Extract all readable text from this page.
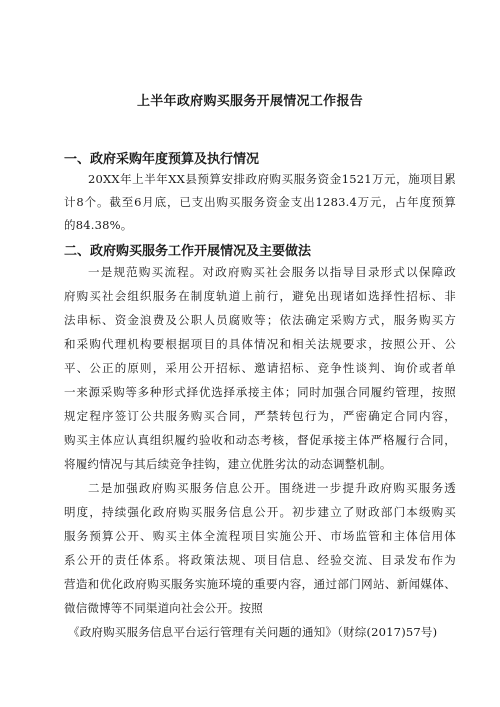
上半年政府购买服务开展情况工作报告
一、政府采购年度预算及执行情况
20XX年上半年XX县预算安排政府购买服务资金1521万元，施项目累
计8个。截至6月底，已支出购买服务资金支出1283.4万元，占年度预算
的84.38%。
二、政府购买服务工作开展情况及主要做法
一是规范购买流程。对政府购买社会服务以指导目录形式以保障政
府购买社会组织服务在制度轨道上前行，避免出现诸如选择性招标、非
法串标、资金浪费及公职人员腐败等；依法确定采购方式，服务购买方
和采购代理机构要根据项目的具体情况和相关法规要求，按照公开、公
平、公正的原则，采用公开招标、邀请招标、竞争性谈判、询价或者单
一来源采购等多种形式择优选择承接主体；同时加强合同履约管理，按照
规定程序签订公共服务购买合同，严禁转包行为，严密确定合同内容，
购买主体应认真组织履约验收和动态考核，督促承接主体严格履行合同，
将履约情况与其后续竞争挂钩，建立优胜劣汰的动态调整机制。
二是加强政府购买服务信息公开。围绕进一步提升政府购买服务透
明度，持续强化政府购买服务信息公开。初步建立了财政部门本级购买
服务预算公开、购买主体全流程项目实施公开、市场监管和主体信用体
系公开的责任体系。将政策法规、项目信息、经验交流、目录发布作为
营造和优化政府购买服务实施环境的重要内容，通过部门网站、新闻媒体、
微信微博等不同渠道向社会公开。按照
《政府购买服务信息平台运行管理有关问题的通知》（财综(2017)57号)
